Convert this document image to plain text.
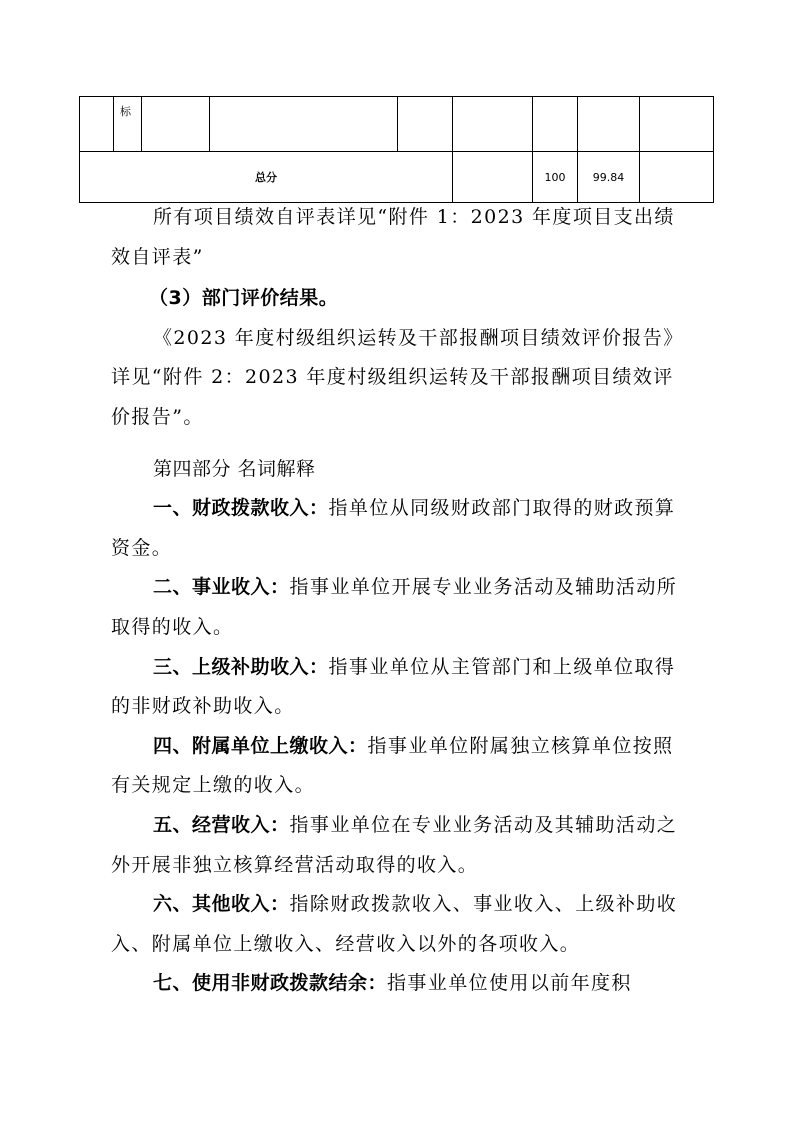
	标							
总分						100	99.84	

所有项目绩效自评表详见“附件 1：2023 年度项目支出绩效自评表”

（3）部门评价结果。

《2023 年度村级组织运转及干部报酬项目绩效评价报告》详见“附件 2：2023 年度村级组织运转及干部报酬项目绩效评价报告”。

第四部分 名词解释

一、财政拨款收入：指单位从同级财政部门取得的财政预算资金。

二、事业收入：指事业单位开展专业业务活动及辅助活动所取得的收入。

三、上级补助收入：指事业单位从主管部门和上级单位取得的非财政补助收入。

四、附属单位上缴收入：指事业单位附属独立核算单位按照有关规定上缴的收入。

五、经营收入：指事业单位在专业业务活动及其辅助活动之外开展非独立核算经营活动取得的收入。

六、其他收入：指除财政拨款收入、事业收入、上级补助收入、附属单位上缴收入、经营收入以外的各项收入。

七、使用非财政拨款结余：指事业单位使用以前年度积
